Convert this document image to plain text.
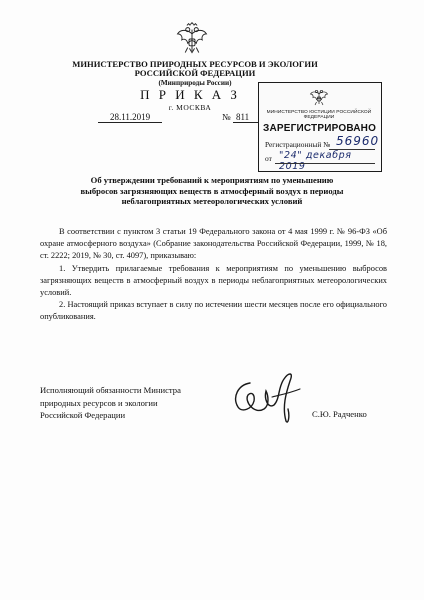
МИНИСТЕРСТВО ПРИРОДНЫХ РЕСУРСОВ И ЭКОЛОГИИ
РОССИЙСКОЙ ФЕДЕРАЦИИ
(Минприроды России)
П Р И К А З
г. МОСКВА
28.11.2019	№ 811	МИНИСТЕРСТВО ЮСТИЦИИ РОССИЙСКОЙ ФЕДЕРАЦИИ
ЗАРЕГИСТРИРОВАНО
Регистрационный № 56960
от "24" декабря 2019
Об утверждении требований к мероприятиям по уменьшению
выбросов загрязняющих веществ в атмосферный воздух в периоды
неблагоприятных метеорологических условий

В соответствии с пунктом 3 статьи 19 Федерального закона от 4 мая 1999 г. № 96-ФЗ «Об охране атмосферного воздуха» (Собрание законодательства Российской Федерации, 1999, № 18, ст. 2222; 2019, № 30, ст. 4097), приказываю:

1. Утвердить прилагаемые требования к мероприятиям по уменьшению выбросов загрязняющих веществ в атмосферный воздух в периоды неблагоприятных метеорологических условий.

2. Настоящий приказ вступает в силу по истечении шести месяцев после его официального опубликования.

Исполняющий обязанности Министра
природных ресурсов и экологии
Российской Федерации	С.Ю. Радченко
